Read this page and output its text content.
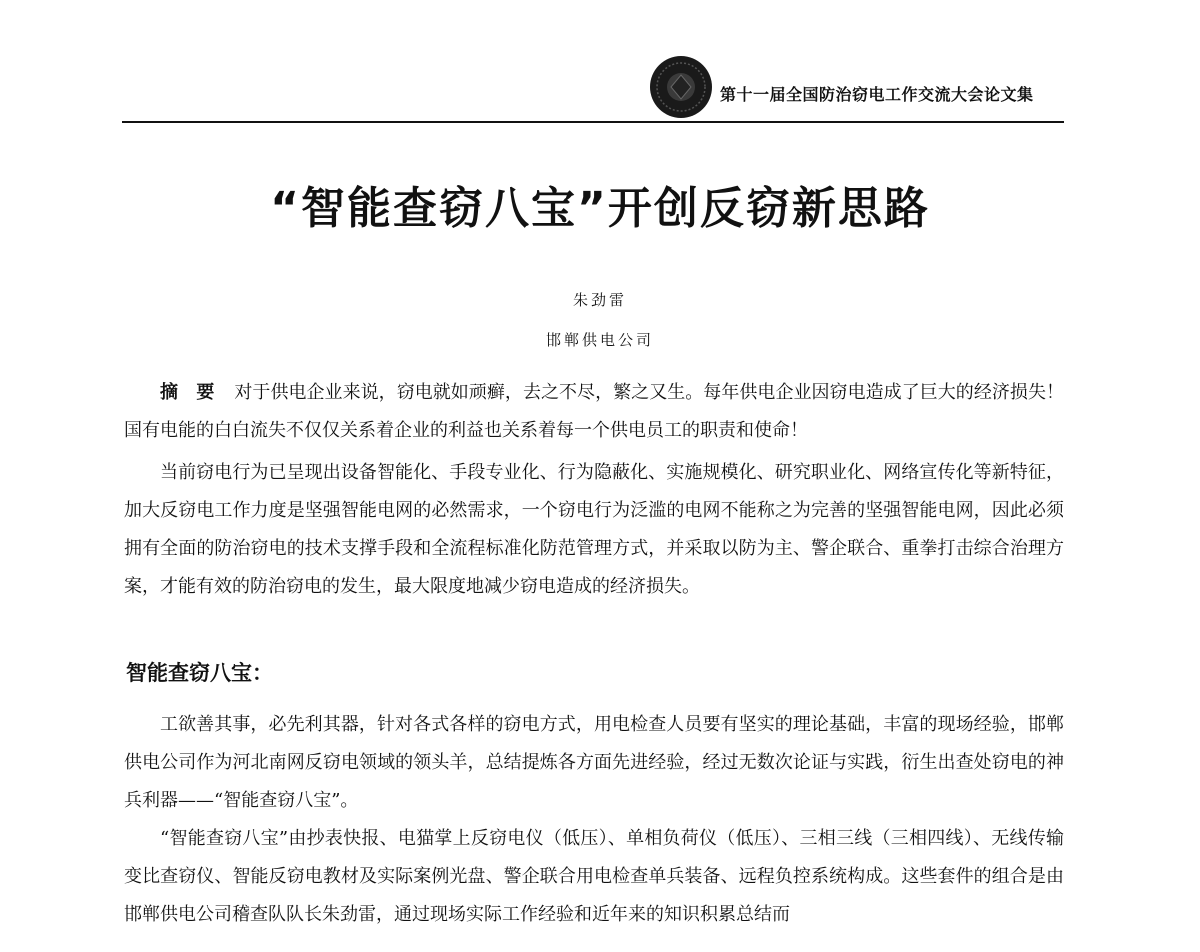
第十一届全国防治窃电工作交流大会论文集
“智能查窃八宝”开创反窃新思路
朱劲雷
邯郸供电公司
摘 要 对于供电企业来说，窃电就如顽癣，去之不尽，繁之又生。每年供电企业因窃电造成了巨大的经济损失！国有电能的白白流失不仅仅关系着企业的利益也关系着每一个供电员工的职责和使命！
当前窃电行为已呈现出设备智能化、手段专业化、行为隐蔽化、实施规模化、研究职业化、网络宣传化等新特征，加大反窃电工作力度是坚强智能电网的必然需求，一个窃电行为泛滥的电网不能称之为完善的坚强智能电网，因此必须拥有全面的防治窃电的技术支撑手段和全流程标准化防范管理方式，并采取以防为主、警企联合、重拳打击综合治理方案，才能有效的防治窃电的发生，最大限度地减少窃电造成的经济损失。
智能查窃八宝：
工欲善其事，必先利其器，针对各式各样的窃电方式，用电检查人员要有坚实的理论基础，丰富的现场经验，邯郸供电公司作为河北南网反窃电领域的领头羊，总结提炼各方面先进经验，经过无数次论证与实践，衍生出查处窃电的神兵利器——“智能查窃八宝”。
“智能查窃八宝”由抄表快报、电猫掌上反窃电仪（低压）、单相负荷仪（低压）、三相三线（三相四线）、无线传输变比查窃仪、智能反窃电教材及实际案例光盘、警企联合用电检查单兵装备、远程负控系统构成。这些套件的组合是由邯郸供电公司稽查队队长朱劲雷，通过现场实际工作经验和近年来的知识积累总结而
